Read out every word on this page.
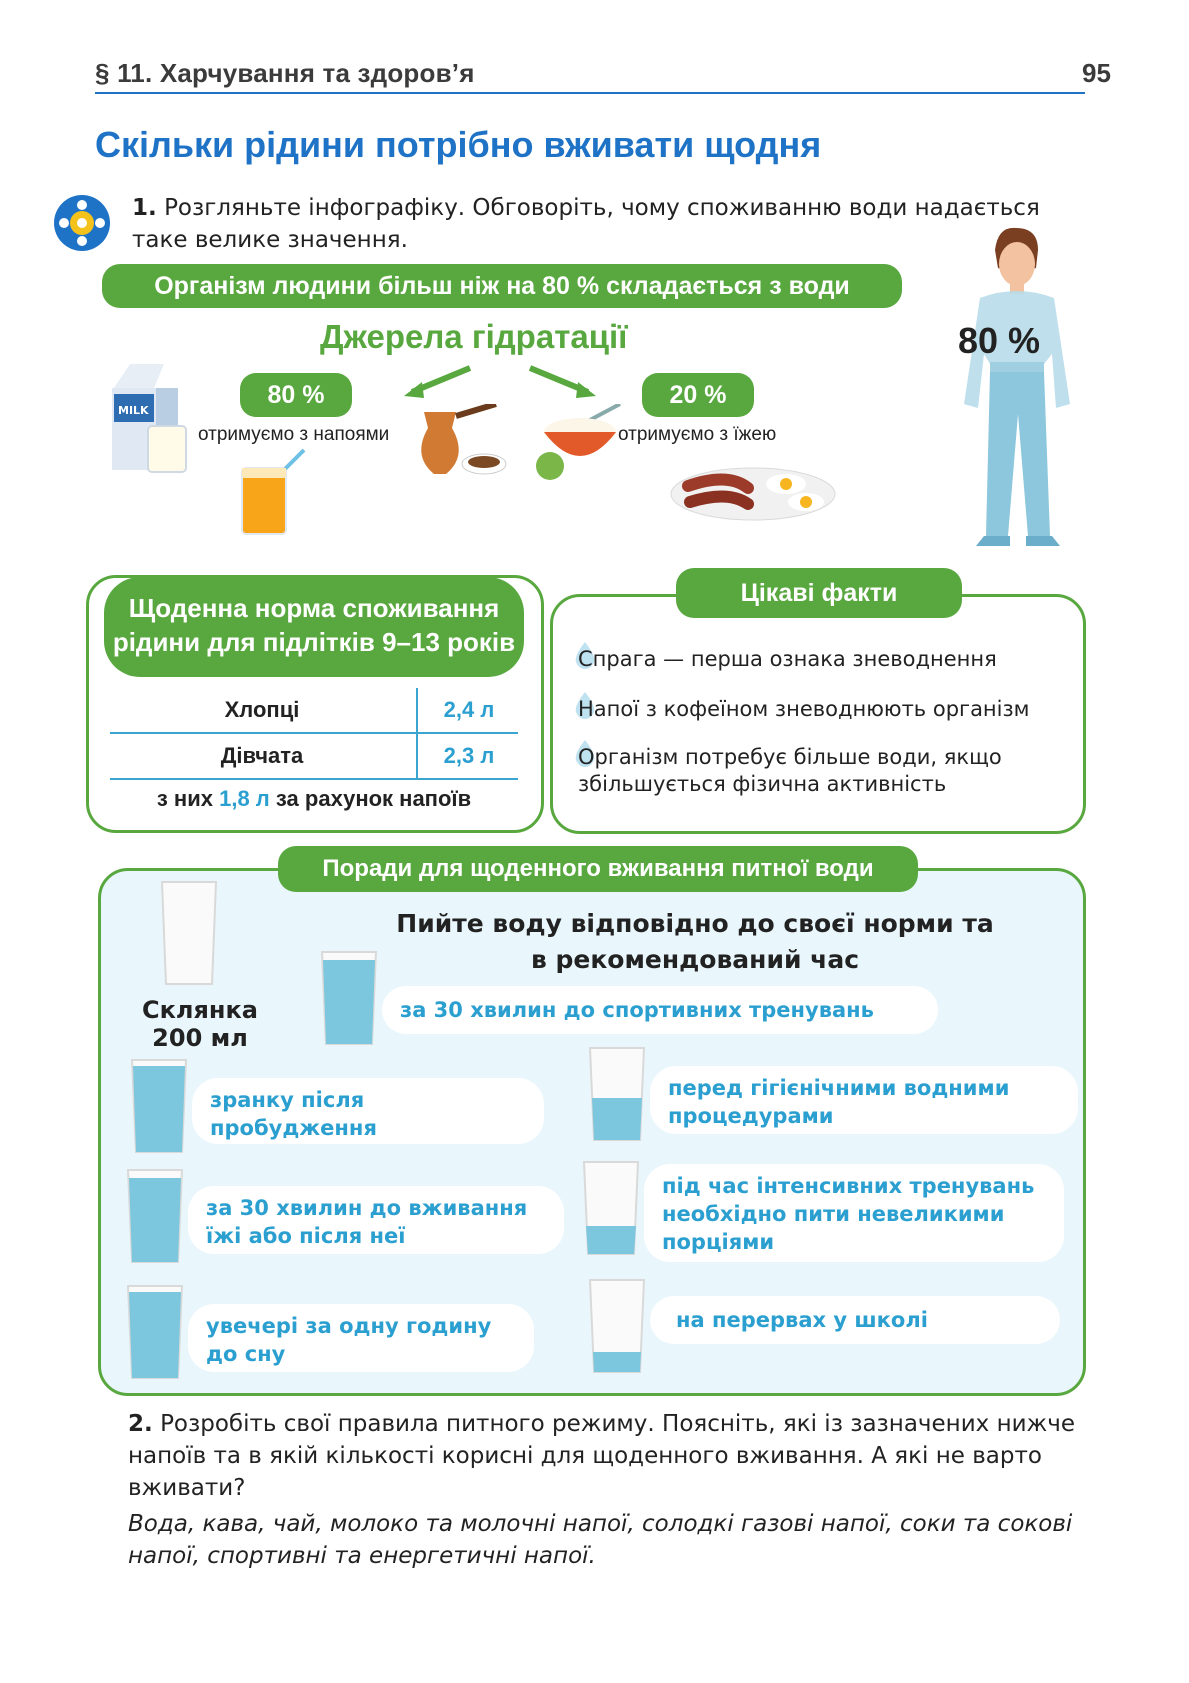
§ 11. Харчування та здоров’я	95
Скільки рідини потрібно вживати щодня
1. Розгляньте інфографіку. Обговоріть, чому споживанню води надається таке велике значення.
Організм людини більш ніж на 80 % складається з води
Джерела гідратації
80 %
отримуємо з напоями
20 %
отримуємо з їжею
MILK
80 %
Щоденна норма споживання рідини для підлітків 9–13 років
Хлопці	2,4 л
Дівчата	2,3 л
з них 1,8 л за рахунок напоїв
Цікаві факти
Спрага — перша ознака зневоднення
Напої з кофеїном зневоднюють організм
Організм потребує більше води, якщо збільшується фізична активність
Поради для щоденного вживання питної води
Пийте воду відповідно до своєї норми та в рекомендований час
Склянка
200 мл
за 30 хвилин до спортивних тренувань
зранку після пробудження
перед гігієнічними водними процедурами
за 30 хвилин до вживання їжі або після неї
під час інтенсивних тренувань необхідно пити невеликими порціями
увечері за одну годину до сну
на перервах у школі
2. Розробіть свої правила питного режиму. Поясніть, які із зазначених нижче напоїв та в якій кількості корисні для щоденного вживання. А які не варто вживати?
Вода, кава, чай, молоко та молочні напої, солодкі газові напої, соки та сокові напої, спортивні та енергетичні напої.
